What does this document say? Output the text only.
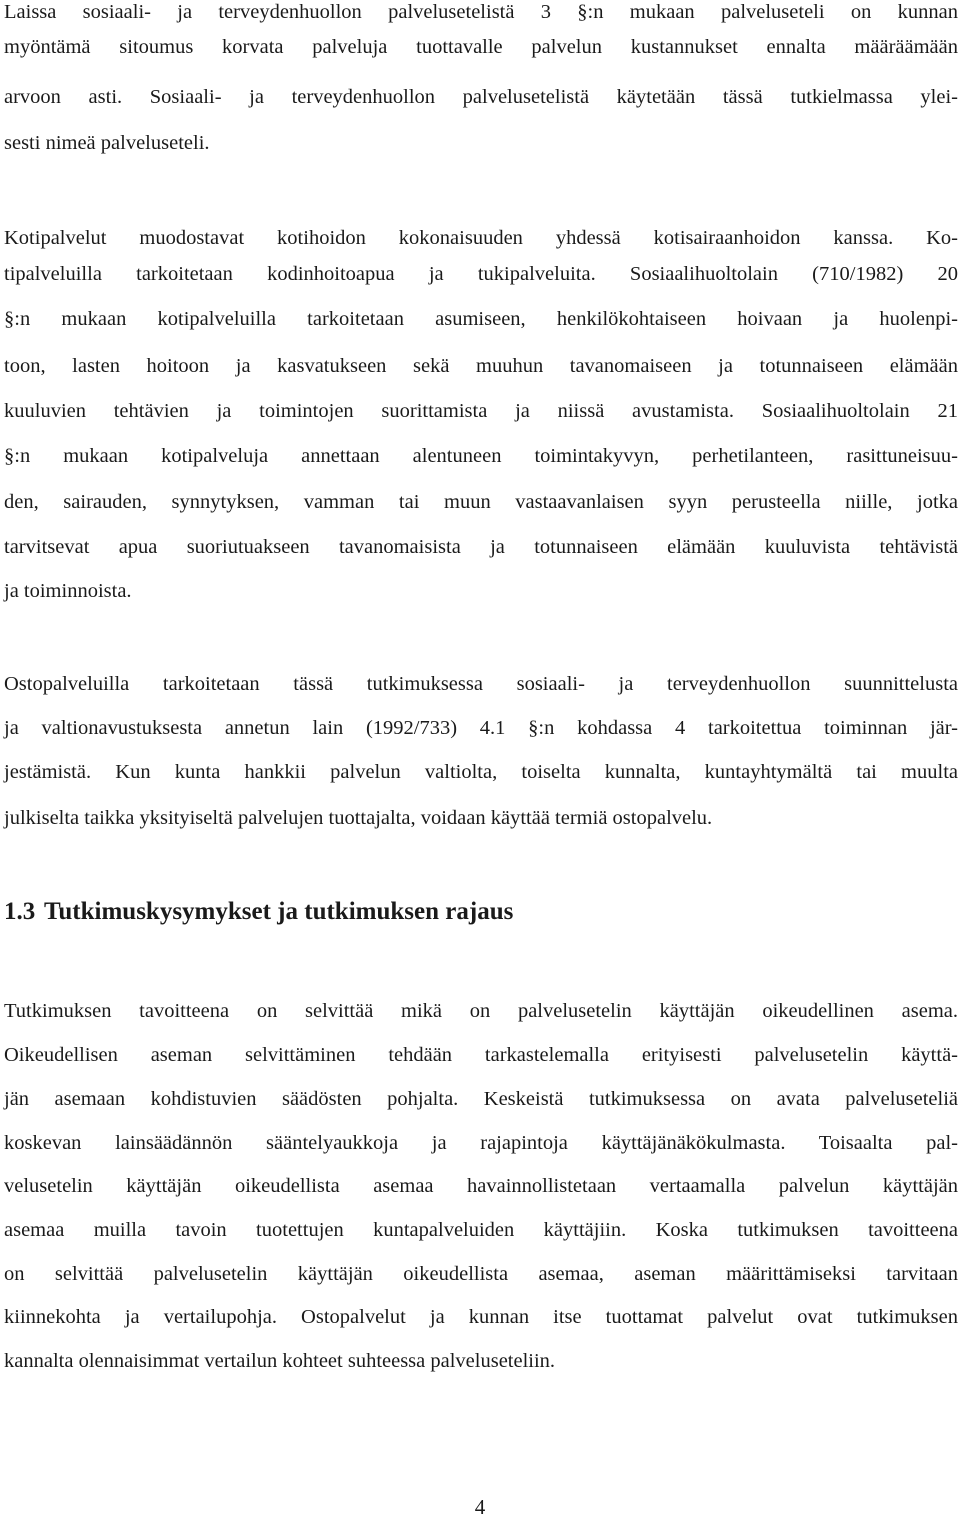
Laissa sosiaali- ja terveydenhuollon palvelusetelistä 3 §:n mukaan palveluseteli on kunnan
myöntämä sitoumus korvata palveluja tuottavalle palvelun kustannukset ennalta määräämään
arvoon asti. Sosiaali- ja terveydenhuollon palvelusetelistä käytetään tässä tutkielmassa ylei-
sesti nimeä palveluseteli.
Kotipalvelut muodostavat kotihoidon kokonaisuuden yhdessä kotisairaanhoidon kanssa. Ko-
tipalveluilla tarkoitetaan kodinhoitoapua ja tukipalveluita. Sosiaalihuoltolain (710/1982) 20
§:n mukaan kotipalveluilla tarkoitetaan asumiseen, henkilökohtaiseen hoivaan ja huolenpi-
toon, lasten hoitoon ja kasvatukseen sekä muuhun tavanomaiseen ja totunnaiseen elämään
kuuluvien tehtävien ja toimintojen suorittamista ja niissä avustamista. Sosiaalihuoltolain 21
§:n mukaan kotipalveluja annettaan alentuneen toimintakyvyn, perhetilanteen, rasittuneisuu-
den, sairauden, synnytyksen, vamman tai muun vastaavanlaisen syyn perusteella niille, jotka
tarvitsevat apua suoriutuakseen tavanomaisista ja totunnaiseen elämään kuuluvista tehtävistä
ja toiminnoista.
Ostopalveluilla tarkoitetaan tässä tutkimuksessa sosiaali- ja terveydenhuollon suunnittelusta
ja valtionavustuksesta annetun lain (1992/733) 4.1 §:n kohdassa 4 tarkoitettua toiminnan jär-
jestämistä. Kun kunta hankkii palvelun valtiolta, toiselta kunnalta, kuntayhtymältä tai muulta
julkiselta taikka yksityiseltä palvelujen tuottajalta, voidaan käyttää termiä ostopalvelu.
1.3 Tutkimuskysymykset ja tutkimuksen rajaus
Tutkimuksen tavoitteena on selvittää mikä on palvelusetelin käyttäjän oikeudellinen asema.
Oikeudellisen aseman selvittäminen tehdään tarkastelemalla erityisesti palvelusetelin käyttä-
jän asemaan kohdistuvien säädösten pohjalta. Keskeistä tutkimuksessa on avata palveluseteliä
koskevan lainsäädännön sääntelyaukkoja ja rajapintoja käyttäjänäkökulmasta. Toisaalta pal-
velusetelin käyttäjän oikeudellista asemaa havainnollistetaan vertaamalla palvelun käyttäjän
asemaa muilla tavoin tuotettujen kuntapalveluiden käyttäjiin. Koska tutkimuksen tavoitteena
on selvittää palvelusetelin käyttäjän oikeudellista asemaa, aseman määrittämiseksi tarvitaan
kiinnekohta ja vertailupohja. Ostopalvelut ja kunnan itse tuottamat palvelut ovat tutkimuksen
kannalta olennaisimmat vertailun kohteet suhteessa palveluseteliin.
4
